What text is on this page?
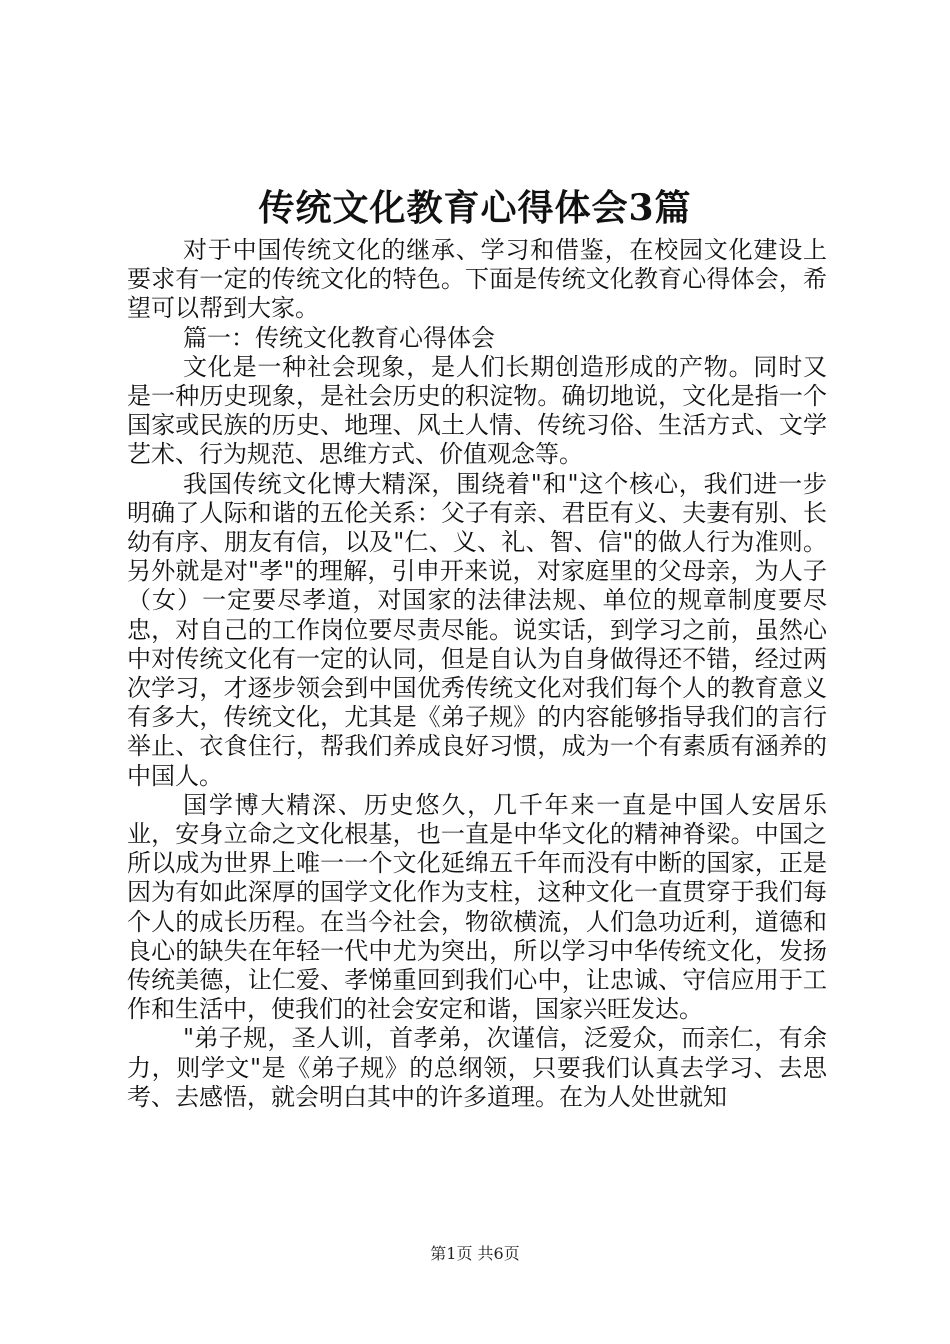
传统文化教育心得体会3篇

对于中国传统文化的继承、学习和借鉴，在校园文化建设上要求有一定的传统文化的特色。下面是传统文化教育心得体会，希望可以帮到大家。

篇一：传统文化教育心得体会

文化是一种社会现象，是人们长期创造形成的产物。同时又是一种历史现象，是社会历史的积淀物。确切地说，文化是指一个国家或民族的历史、地理、风土人情、传统习俗、生活方式、文学艺术、行为规范、思维方式、价值观念等。

我国传统文化博大精深，围绕着"和"这个核心，我们进一步明确了人际和谐的五伦关系：父子有亲、君臣有义、夫妻有别、长幼有序、朋友有信，以及"仁、义、礼、智、信"的做人行为准则。另外就是对"孝"的理解，引申开来说，对家庭里的父母亲，为人子（女）一定要尽孝道，对国家的法律法规、单位的规章制度要尽忠，对自己的工作岗位要尽责尽能。说实话，到学习之前，虽然心中对传统文化有一定的认同，但是自认为自身做得还不错，经过两次学习，才逐步领会到中国优秀传统文化对我们每个人的教育意义有多大，传统文化，尤其是《弟子规》的内容能够指导我们的言行举止、衣食住行，帮我们养成良好习惯，成为一个有素质有涵养的中国人。

国学博大精深、历史悠久，几千年来一直是中国人安居乐业，安身立命之文化根基，也一直是中华文化的精神脊梁。中国之所以成为世界上唯一一个文化延绵五千年而没有中断的国家，正是因为有如此深厚的国学文化作为支柱，这种文化一直贯穿于我们每个人的成长历程。在当今社会，物欲横流，人们急功近利，道德和良心的缺失在年轻一代中尤为突出，所以学习中华传统文化，发扬传统美德，让仁爱、孝悌重回到我们心中，让忠诚、守信应用于工作和生活中，使我们的社会安定和谐，国家兴旺发达。

"弟子规，圣人训，首孝弟，次谨信，泛爱众，而亲仁，有余力，则学文"是《弟子规》的总纲领，只要我们认真去学习、去思考、去感悟，就会明白其中的许多道理。在为人处世就知

第1页 共6页
